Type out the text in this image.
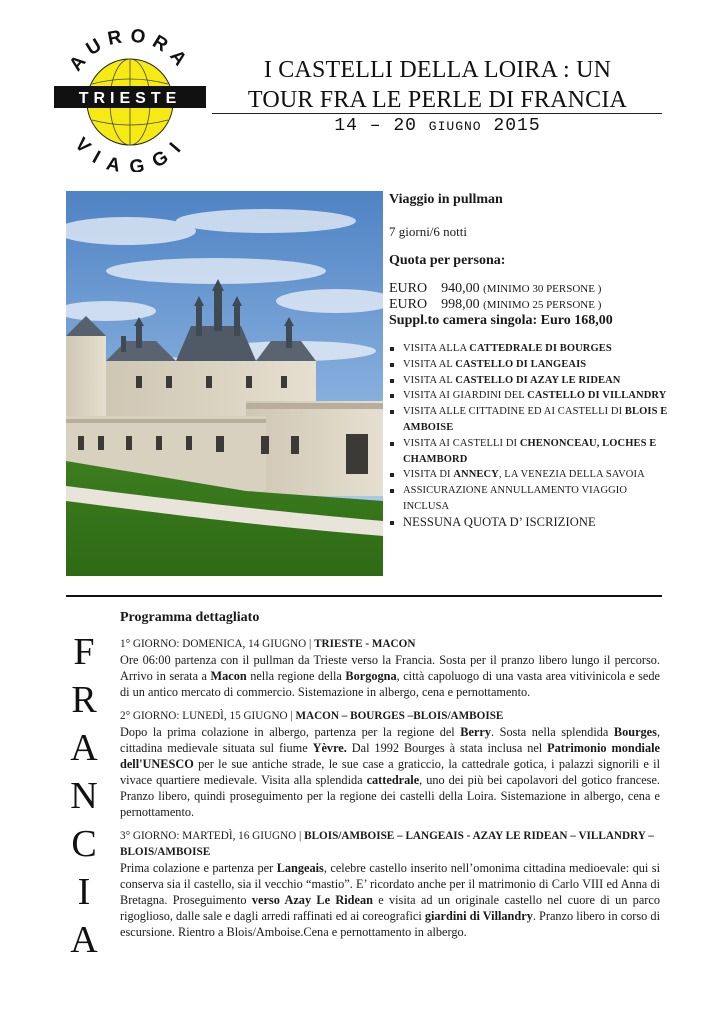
TRIESTE
AURORA
VIAGGI
I CASTELLI DELLA LOIRA : UN
TOUR FRA LE PERLE DI FRANCIA
14 – 20 GIUGNO 2015

Viaggio in pullman

7 giorni/6 notti

Quota per persona:

EURO 940,00 (MINIMO 30 PERSONE )

EURO 998,00 (MINIMO 25 PERSONE )

Suppl.to camera singola: Euro 168,00

VISITA ALLA CATTEDRALE DI BOURGES
VISITA AL CASTELLO DI LANGEAIS
VISITA AL CASTELLO DI AZAY LE RIDEAN
VISITA AI GIARDINI DEL CASTELLO DI VILLANDRY
VISITA ALLE CITTADINE ED AI CASTELLI DI BLOIS E AMBOISE
VISITA AI CASTELLI DI CHENONCEAU, LOCHES E CHAMBORD
VISITA DI ANNECY, LA VENEZIA DELLA SAVOIA
ASSICURAZIONE ANNULLAMENTO VIAGGIO INCLUSA
NESSUNA QUOTA D’ ISCRIZIONE
F
R
A
N
C
I
A

Programma dettagliato

1° GIORNO: DOMENICA, 14 GIUGNO | TRIESTE - MACON

Ore 06:00 partenza con il pullman da Trieste verso la Francia. Sosta per il pranzo libero lungo il percorso. Arrivo in serata a Macon nella regione della Borgogna, città capoluogo di una vasta area vitivinicola e sede di un antico mercato di commercio. Sistemazione in albergo, cena e pernottamento.

2° GIORNO: LUNEDÌ, 15 GIUGNO | MACON – BOURGES –BLOIS/AMBOISE

Dopo la prima colazione in albergo, partenza per la regione del Berry. Sosta nella splendida Bourges, cittadina medievale situata sul fiume Yèvre. Dal 1992 Bourges à stata inclusa nel Patrimonio mondiale dell'UNESCO per le sue antiche strade, le sue case a graticcio, la cattedrale gotica, i palazzi signorili e il vivace quartiere medievale. Visita alla splendida cattedrale, uno dei più bei capolavori del gotico francese. Pranzo libero, quindi proseguimento per la regione dei castelli della Loira. Sistemazione in albergo, cena e pernottamento.

3° GIORNO: MARTEDÌ, 16 GIUGNO | BLOIS/AMBOISE – LANGEAIS - AZAY LE RIDEAN – VILLANDRY – BLOIS/AMBOISE

Prima colazione e partenza per Langeais, celebre castello inserito nell’omonima cittadina medioevale: qui si conserva sia il castello, sia il vecchio “mastio”. E’ ricordato anche per il matrimonio di Carlo VIII ed Anna di Bretagna. Proseguimento verso Azay Le Ridean e visita ad un originale castello nel cuore di un parco rigoglioso, dalle sale e dagli arredi raffinati ed ai coreografici giardini di Villandry. Pranzo libero in corso di escursione. Rientro a Blois/Amboise.Cena e pernottamento in albergo.
